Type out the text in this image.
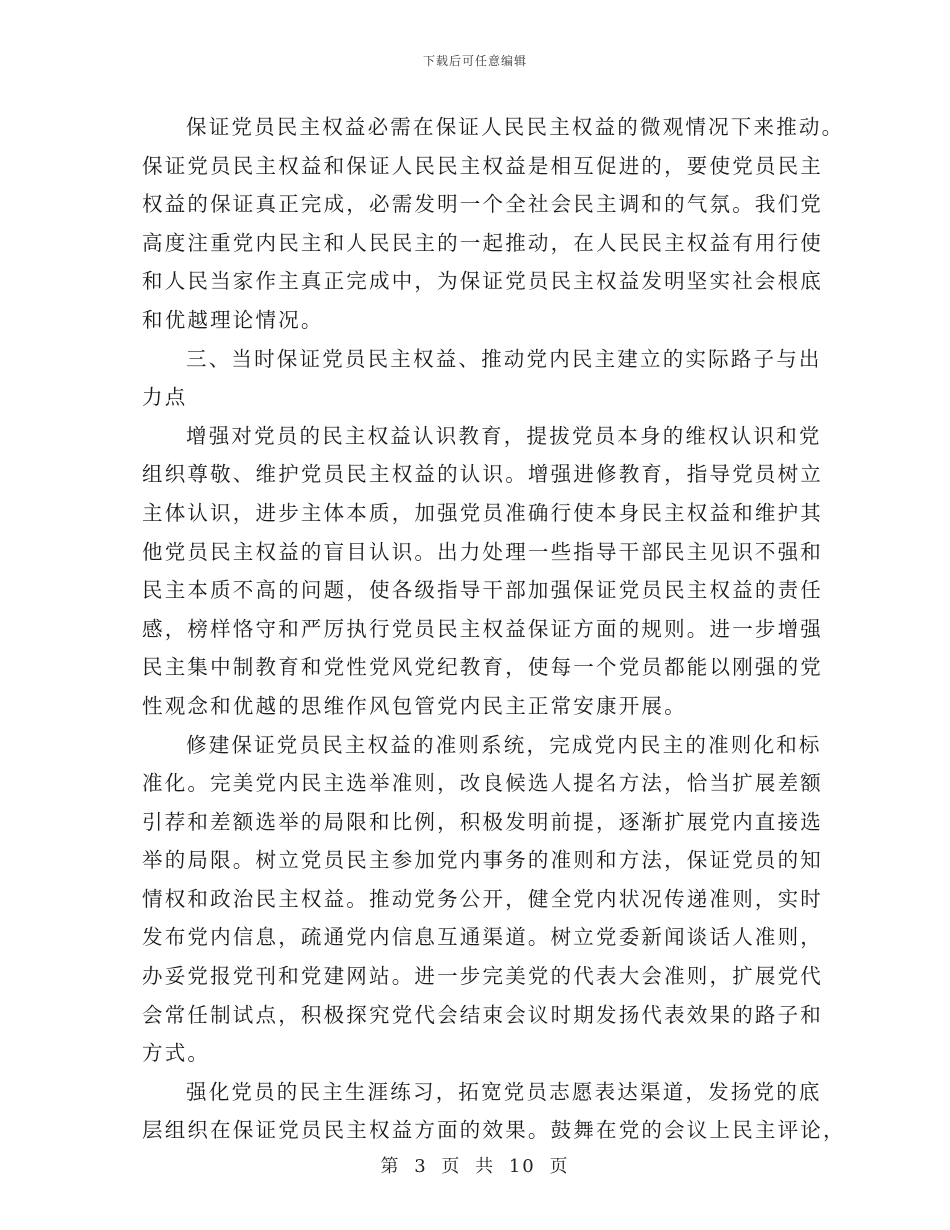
下载后可任意编辑
保证党员民主权益必需在保证人民民主权益的微观情况下来推动。
保证党员民主权益和保证人民民主权益是相互促进的，要使党员民主
权益的保证真正完成，必需发明一个全社会民主调和的气氛。我们党
高度注重党内民主和人民民主的一起推动，在人民民主权益有用行使
和人民当家作主真正完成中，为保证党员民主权益发明坚实社会根底
和优越理论情况。
三、当时保证党员民主权益、推动党内民主建立的实际路子与出
力点
增强对党员的民主权益认识教育，提拔党员本身的维权认识和党
组织尊敬、维护党员民主权益的认识。增强进修教育，指导党员树立
主体认识，进步主体本质，加强党员准确行使本身民主权益和维护其
他党员民主权益的盲目认识。出力处理一些指导干部民主见识不强和
民主本质不高的问题，使各级指导干部加强保证党员民主权益的责任
感，榜样恪守和严厉执行党员民主权益保证方面的规则。进一步增强
民主集中制教育和党性党风党纪教育，使每一个党员都能以刚强的党
性观念和优越的思维作风包管党内民主正常安康开展。
修建保证党员民主权益的准则系统，完成党内民主的准则化和标
准化。完美党内民主选举准则，改良候选人提名方法，恰当扩展差额
引荐和差额选举的局限和比例，积极发明前提，逐渐扩展党内直接选
举的局限。树立党员民主参加党内事务的准则和方法，保证党员的知
情权和政治民主权益。推动党务公开，健全党内状况传递准则，实时
发布党内信息，疏通党内信息互通渠道。树立党委新闻谈话人准则，
办妥党报党刊和党建网站。进一步完美党的代表大会准则，扩展党代
会常任制试点，积极探究党代会结束会议时期发扬代表效果的路子和
方式。
强化党员的民主生涯练习，拓宽党员志愿表达渠道，发扬党的底
层组织在保证党员民主权益方面的效果。鼓舞在党的会议上民主评论，
第 3 页 共 10 页
